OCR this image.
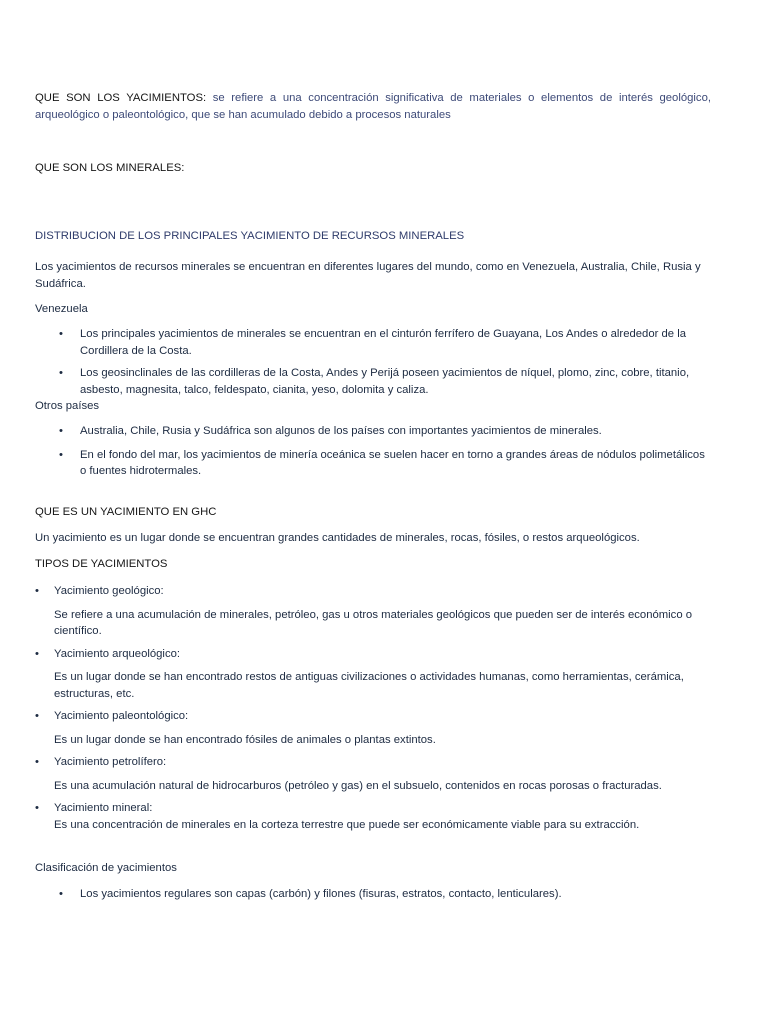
QUE SON LOS YACIMIENTOS: se refiere a una concentración significativa de materiales o elementos de interés geológico, arqueológico o paleontológico, que se han acumulado debido a procesos naturales

QUE SON LOS MINERALES:

DISTRIBUCION DE LOS PRINCIPALES YACIMIENTO DE RECURSOS MINERALES

Los yacimientos de recursos minerales se encuentran en diferentes lugares del mundo, como en Venezuela, Australia, Chile, Rusia y Sudáfrica.

Venezuela

• Los principales yacimientos de minerales se encuentran en el cinturón ferrífero de Guayana, Los Andes o alrededor de la Cordillera de la Costa.
• Los geosinclinales de las cordilleras de la Costa, Andes y Perijá poseen yacimientos de níquel, plomo, zinc, cobre, titanio, asbesto, magnesita, talco, feldespato, cianita, yeso, dolomita y caliza.

Otros países

• Australia, Chile, Rusia y Sudáfrica son algunos de los países con importantes yacimientos de minerales.
• En el fondo del mar, los yacimientos de minería oceánica se suelen hacer en torno a grandes áreas de nódulos polimetálicos o fuentes hidrotermales.

QUE ES UN YACIMIENTO EN GHC

Un yacimiento es un lugar donde se encuentran grandes cantidades de minerales, rocas, fósiles, o restos arqueológicos.

TIPOS DE YACIMIENTOS

• Yacimiento geológico:

Se refiere a una acumulación de minerales, petróleo, gas u otros materiales geológicos que pueden ser de interés económico o científico.

• Yacimiento arqueológico:

Es un lugar donde se han encontrado restos de antiguas civilizaciones o actividades humanas, como herramientas, cerámica, estructuras, etc.

• Yacimiento paleontológico:

Es un lugar donde se han encontrado fósiles de animales o plantas extintos.

• Yacimiento petrolífero:

Es una acumulación natural de hidrocarburos (petróleo y gas) en el subsuelo, contenidos en rocas porosas o fracturadas.

• Yacimiento mineral:

Es una concentración de minerales en la corteza terrestre que puede ser económicamente viable para su extracción.

Clasificación de yacimientos

• Los yacimientos regulares son capas (carbón) y filones (fisuras, estratos, contacto, lenticulares).
